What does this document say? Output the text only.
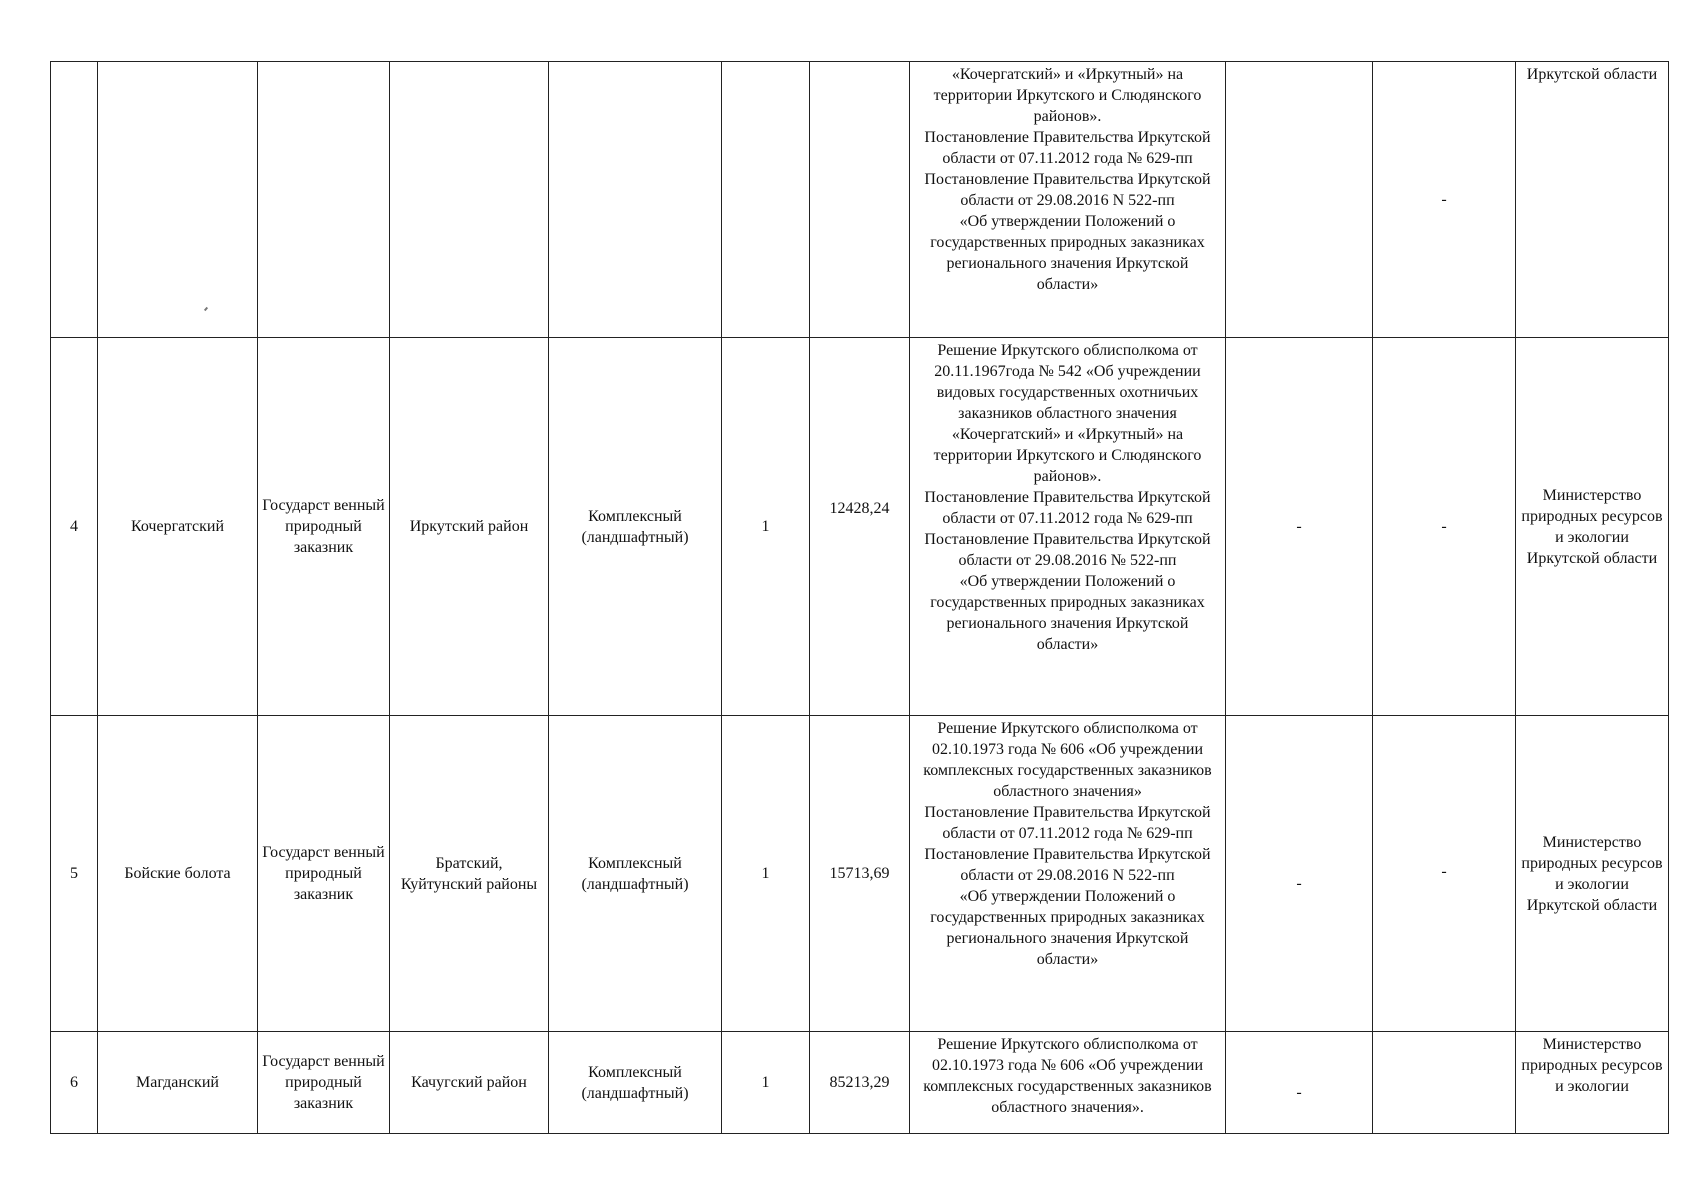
							«Кочергатский» и «Иркутный» на территории Иркутского и Слюдянского районов».
Постановление Правительства Иркутской области от 07.11.2012 года № 629-пп
Постановление Правительства Иркутской области от 29.08.2016 N 522-пп
«Об утверждении Положений о государственных природных заказниках регионального значения Иркутской области»		-	Иркутской области
4	Кочергатский	Государст венный природный заказник	Иркутский район	Комплексный (ландшафтный)	1	12428,24	Решение Иркутского облисполкома от 20.11.1967года № 542 «Об учреждении видовых государственных охотничьих заказников областного значения «Кочергатский» и «Иркутный» на территории Иркутского и Слюдянского районов».
Постановление Правительства Иркутской области от 07.11.2012 года № 629-пп
Постановление Правительства Иркутской области от 29.08.2016 № 522-пп
«Об утверждении Положений о государственных природных заказниках регионального значения Иркутской области»	-	-	Министерство природных ресурсов и экологии Иркутской области
5	Бойские болота	Государст венный природный заказник	Братский, Куйтунский районы	Комплексный (ландшафтный)	1	15713,69	Решение Иркутского облисполкома от 02.10.1973 года № 606 «Об учреждении комплексных государственных заказников областного значения»
Постановление Правительства Иркутской области от 07.11.2012 года № 629-пп
Постановление Правительства Иркутской области от 29.08.2016 N 522-пп
«Об утверждении Положений о государственных природных заказниках регионального значения Иркутской области»	-	-	Министерство природных ресурсов и экологии Иркутской области
6	Магданский	Государст венный природный заказник	Качугский район	Комплексный (ландшафтный)	1	85213,29	Решение Иркутского облисполкома от 02.10.1973 года № 606 «Об учреждении комплексных государственных заказников областного значения».	-		Министерство природных ресурсов и экологии
